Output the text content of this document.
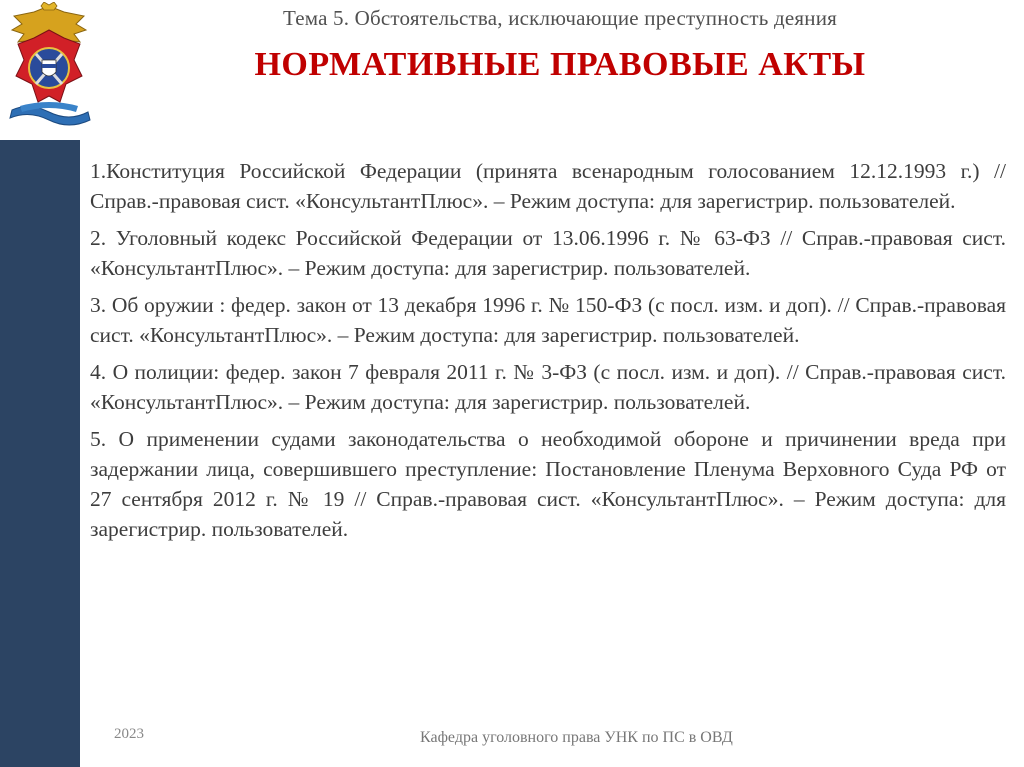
Тема 5. Обстоятельства, исключающие преступность деяния
НОРМАТИВНЫЕ ПРАВОВЫЕ АКТЫ

1.Конституция Российской Федерации (принята всенародным голосованием 12.12.1993 г.) // Справ.-правовая сист. «КонсультантПлюс». – Режим доступа: для зарегистрир. пользователей.

2. Уголовный кодекс Российской Федерации от 13.06.1996 г. № 63-ФЗ // Справ.-правовая сист. «КонсультантПлюс». – Режим доступа: для зарегистрир. пользователей.

3. Об оружии : федер. закон от 13 декабря 1996 г. № 150-ФЗ (с посл. изм. и доп). // Справ.-правовая сист. «КонсультантПлюс». – Режим доступа: для зарегистрир. пользователей.

4. О полиции: федер. закон 7 февраля 2011 г. № 3-ФЗ (с посл. изм. и доп). // Справ.-правовая сист. «КонсультантПлюс». – Режим доступа: для зарегистрир. пользователей.

5. О применении судами законодательства о необходимой обороне и причинении вреда при задержании лица, совершившего преступление: Постановление Пленума Верховного Суда РФ от 27 сентября 2012 г. № 19 // Справ.-правовая сист. «КонсультантПлюс». – Режим доступа: для зарегистрир. пользователей.

2023	Кафедра уголовного права УНК по ПС в ОВД
